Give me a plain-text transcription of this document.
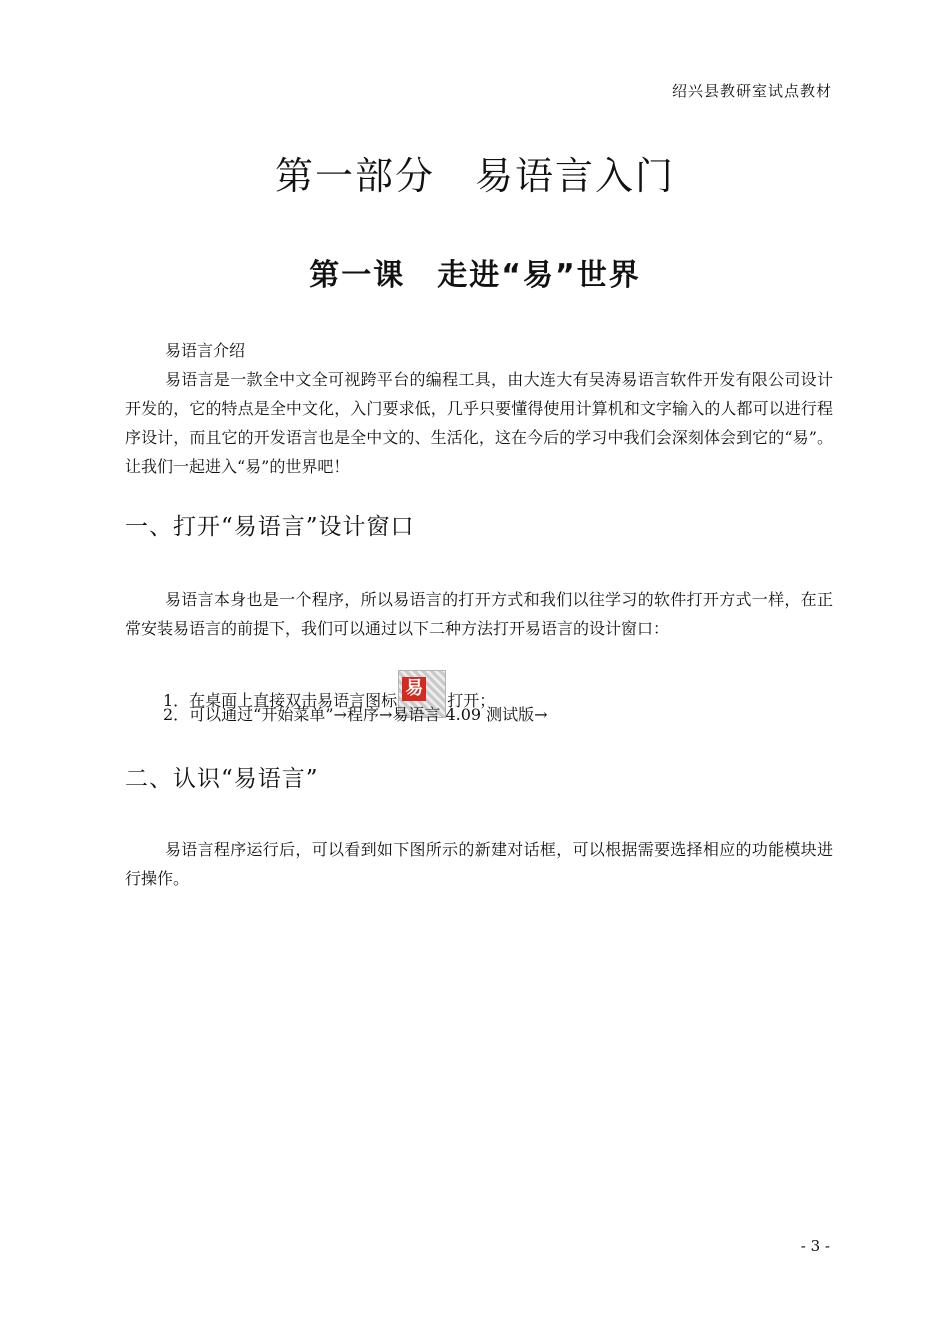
绍兴县教研室试点教材
第一部分　易语言入门
第一课　走进“易”世界

易语言介绍

易语言是一款全中文全可视跨平台的编程工具，由大连大有吴涛易语言软件开发有限公司设计开发的，它的特点是全中文化，入门要求低，几乎只要懂得使用计算机和文字输入的人都可以进行程序设计，而且它的开发语言也是全中文的、生活化，这在今后的学习中我们会深刻体会到它的“易”。让我们一起进入“易”的世界吧！

一、打开“易语言”设计窗口

易语言本身也是一个程序，所以易语言的打开方式和我们以往学习的软件打开方式一样，在正常安装易语言的前提下，我们可以通过以下二种方法打开易语言的设计窗口：

1．在桌面上直接双击易语言图标
易
打开；

2．可以通过“开始菜单”→程序→易语言 4.09 测试版→

二、认识“易语言”

易语言程序运行后，可以看到如下图所示的新建对话框，可以根据需要选择相应的功能模块进行操作。

- 3 -
